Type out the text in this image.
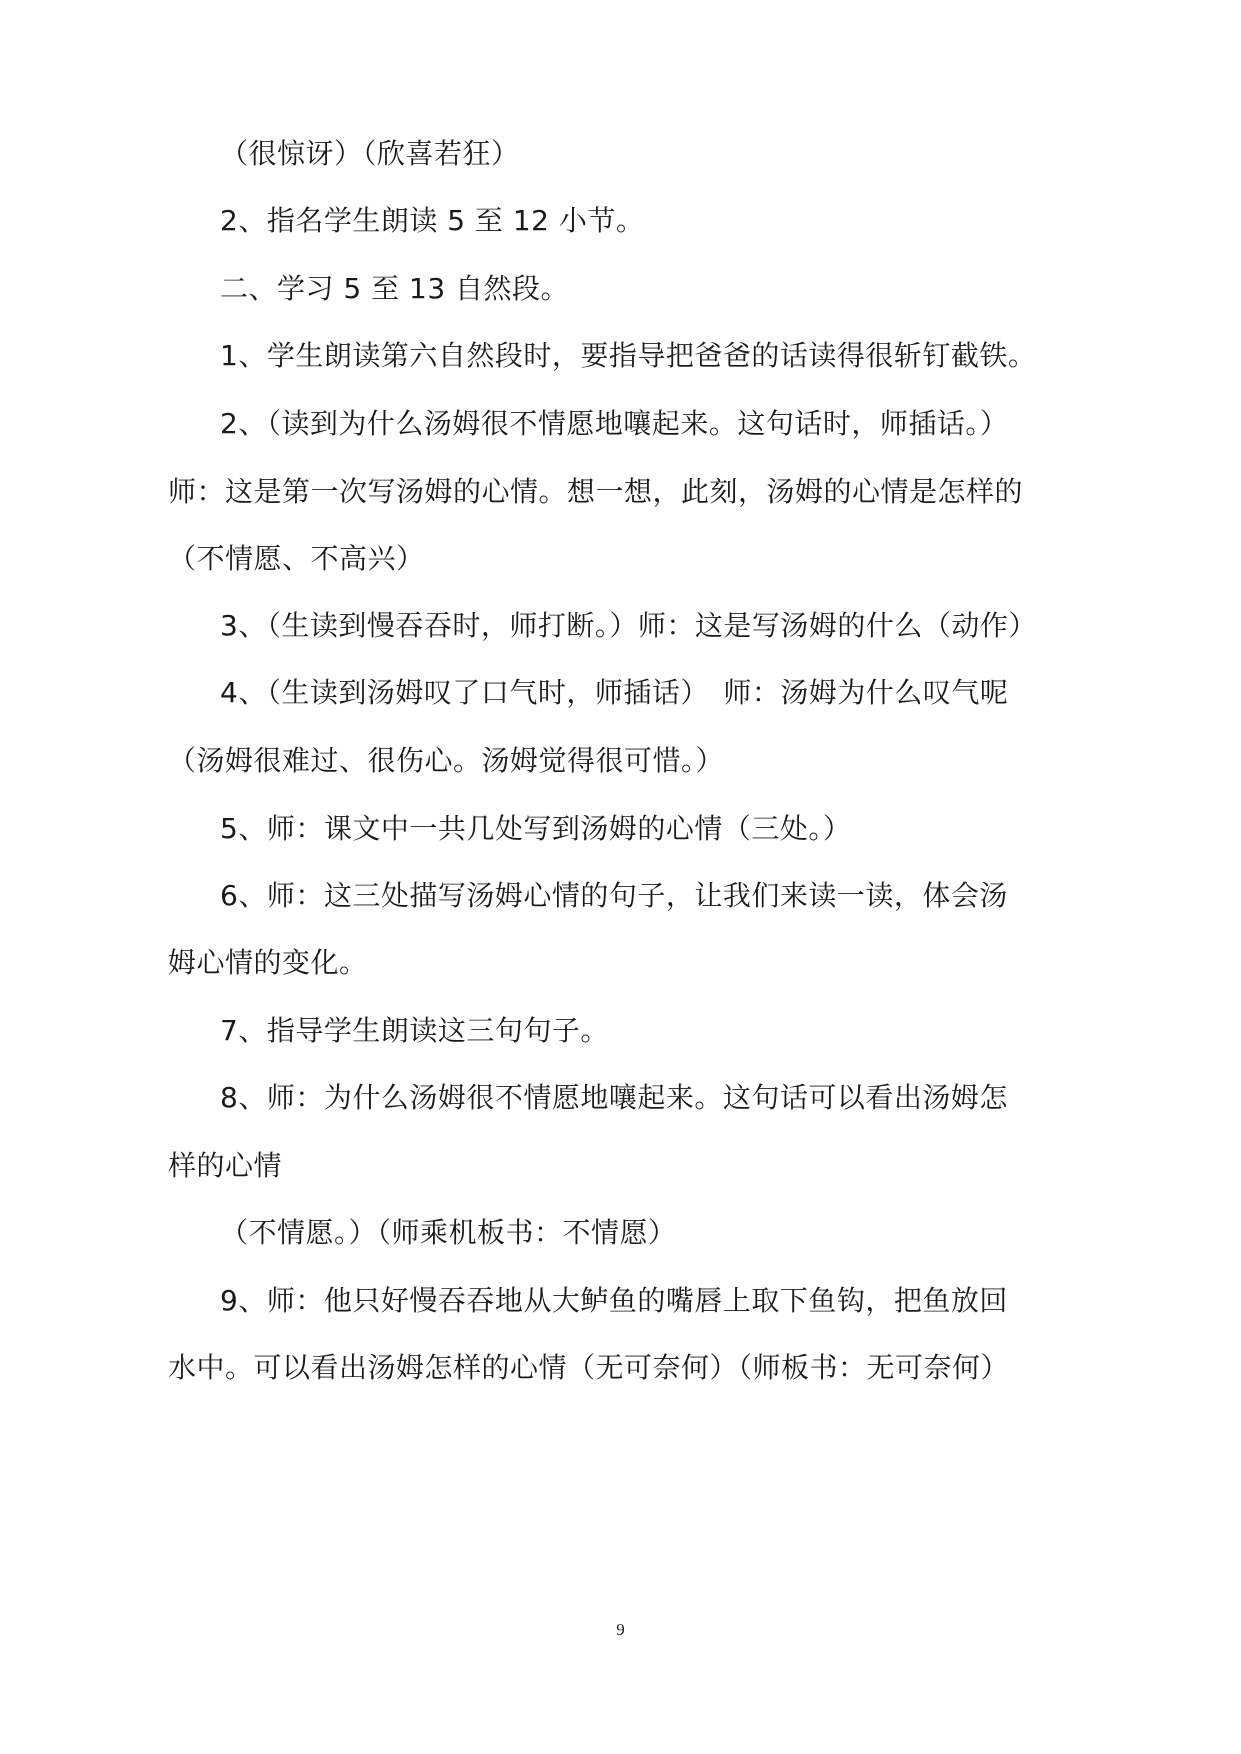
（很惊讶）（欣喜若狂）
2、指名学生朗读 5 至 12 小节。
二、学习 5 至 13 自然段。
1、学生朗读第六自然段时，要指导把爸爸的话读得很斩钉截铁。
2、（读到为什么汤姆很不情愿地嚷起来。这句话时，师插话。）
师：这是第一次写汤姆的心情。想一想，此刻，汤姆的心情是怎样的
（不情愿、不高兴）
3、（生读到慢吞吞时，师打断。）师：这是写汤姆的什么（动作）
4、（生读到汤姆叹了口气时，师插话）　师：汤姆为什么叹气呢
（汤姆很难过、很伤心。汤姆觉得很可惜。）
5、师：课文中一共几处写到汤姆的心情（三处。）
6、师：这三处描写汤姆心情的句子，让我们来读一读，体会汤
姆心情的变化。
7、指导学生朗读这三句句子。
8、师：为什么汤姆很不情愿地嚷起来。这句话可以看出汤姆怎
样的心情
（不情愿。）（师乘机板书：不情愿）
9、师：他只好慢吞吞地从大鲈鱼的嘴唇上取下鱼钩，把鱼放回
水中。可以看出汤姆怎样的心情（无可奈何）（师板书：无可奈何）
9
